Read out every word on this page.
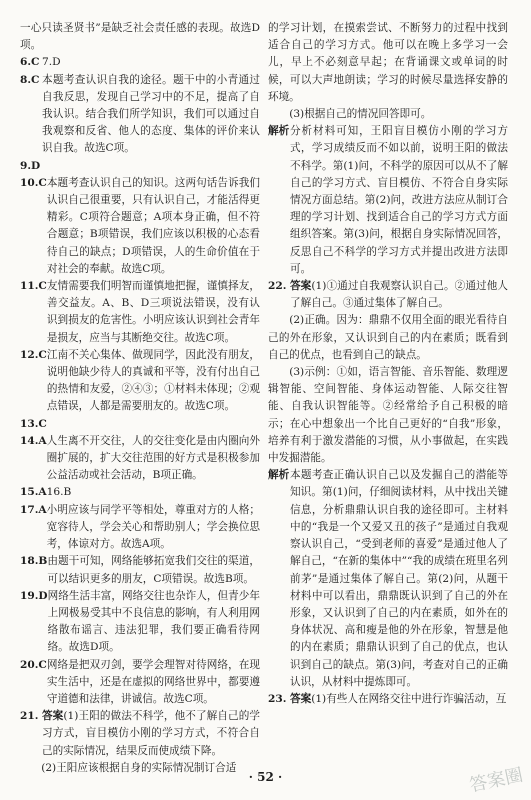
一心只读圣贤书”是缺乏社会责任感的表现。故选D项。

6.C 7.D
8.C 本题考查认识自我的途径。题干中的小青通过自我反思，发现自己学习中的不足，提高了自我认识。结合我们所学知识，我们可以通过自我观察和反省、他人的态度、集体的评价来认识自我。故选C项。
9.D
10.C 本题考查认识自己的知识。这两句话告诉我们认识自己很重要，只有认识自己，才能活得更精彩。C项符合题意；A项本身正确，但不符合题意；B项错误，我们应该以积极的心态看待自己的缺点；D项错误，人的生命价值在于对社会的奉献。故选C项。
11.C 友情需要我们明智而谨慎地把握，谨慎择友，善交益友。A、B、D三项说法错误，没有认识到损友的危害性。小明应该认识到社会青年是损友，应当与其断绝交往。故选C项。
12.C 江南不关心集体、做现同学，因此没有朋友，说明他缺少待人的真诚和平等，没有付出自己的热情和友爱，②④③；①材料未体现；②观点错误，人都是需要朋友的。故选C项。
13.C
14.A 人生离不开交往，人的交往变化是由内圈向外圈扩展的，扩大交往范围的好方式是积极参加公益活动或社会活动，B项正确。
15.A 16.B
17.A 小明应该与同学平等相处，尊重对方的人格；宽容待人，学会关心和帮助别人；学会换位思考，体谅对方。故选A项。
18.B 由题干可知，网络能够拓宽我们交往的渠道，可以结识更多的朋友，C项错误。故选B项。
19.D 网络生活丰富，网络交往也杂诈人，但青少年上网极易受其中不良信息的影响，有人利用网络散布谣言、违法犯罪，我们要正确看待网络。故选D项。
20.C 网络是把双刃剑，要学会理智对待网络，在现实生活中，还是在虚拟的网络世界中，都要遵守道德和法律，讲诚信。故选C项。
21. 答案(1)王阳的做法不科学，他不了解自己的学习方式，盲目模仿小刚的学习方式，不符合自己的实际情况，结果反而使成绩下降。

(2)王阳应该根据自身的实际情况制订合适

的学习计划，在摸索尝试、不断努力的过程中找到适合自己的学习方式。他可以在晚上多学习一会儿，早上不必刻意早起；在背诵课文或单词的时候，可以大声地朗读；学习的时候尽量选择安静的环境。

(3)根据自己的情况回答即可。

解析 分析材料可知，王阳盲目模仿小刚的学习方式，学习成绩反而不如以前，说明王阳的做法不科学。第(1)问，不科学的原因可以从不了解自己的学习方式、盲目模仿、不符合自身实际情况方面总结。第(2)问，改进方法应从制订合理的学习计划、找到适合自己的学习方式方面组织答案。第(3)问，根据自身实际情况回答，反思自己不科学的学习方式并提出改进方法即可。
22. 答案(1)①通过自我观察认识自己。②通过他人了解自己。③通过集体了解自己。

(2)正确。因为：鼎鼎不仅用全面的眼光看待自己的外在形象，又认识到自己的内在素质；既看到自己的优点，也看到自己的缺点。

(3)示例：①如，语言智能、音乐智能、数理逻辑智能、空间智能、身体运动智能、人际交往智能、自我认识智能等。②经常给予自己积极的暗示；在心中想象出一个比自己更好的“自我”形象，培养有利于激发潜能的习惯，从小事做起，在实践中发掘潜能。

解析 本题考查正确认识自己以及发掘自己的潜能等知识。第(1)问，仔细阅读材料，从中找出关键信息，分析鼎鼎认识自我的途径即可。主材料中的“我是一个又爱又丑的孩子”是通过自我观察认识自己，“受到老师的喜爱”是通过他人了解自己，“在新的集体中”“我的成绩在班里名列前茅”是通过集体了解自己。第(2)问，从题干材料中可以看出，鼎鼎既认识到了自己的外在形象，又认识到了自己的内在素质，如外在的身体状况、高和瘦是他的外在形象，智慧是他的内在素质；鼎鼎认识到了自己的优点，也认识到自己的缺点。第(3)问，考查对自己的正确认识，从材料中提炼即可。
23. 答案(1)有些人在网络交往中进行诈骗活动，互
· 52 ·	答案圈
